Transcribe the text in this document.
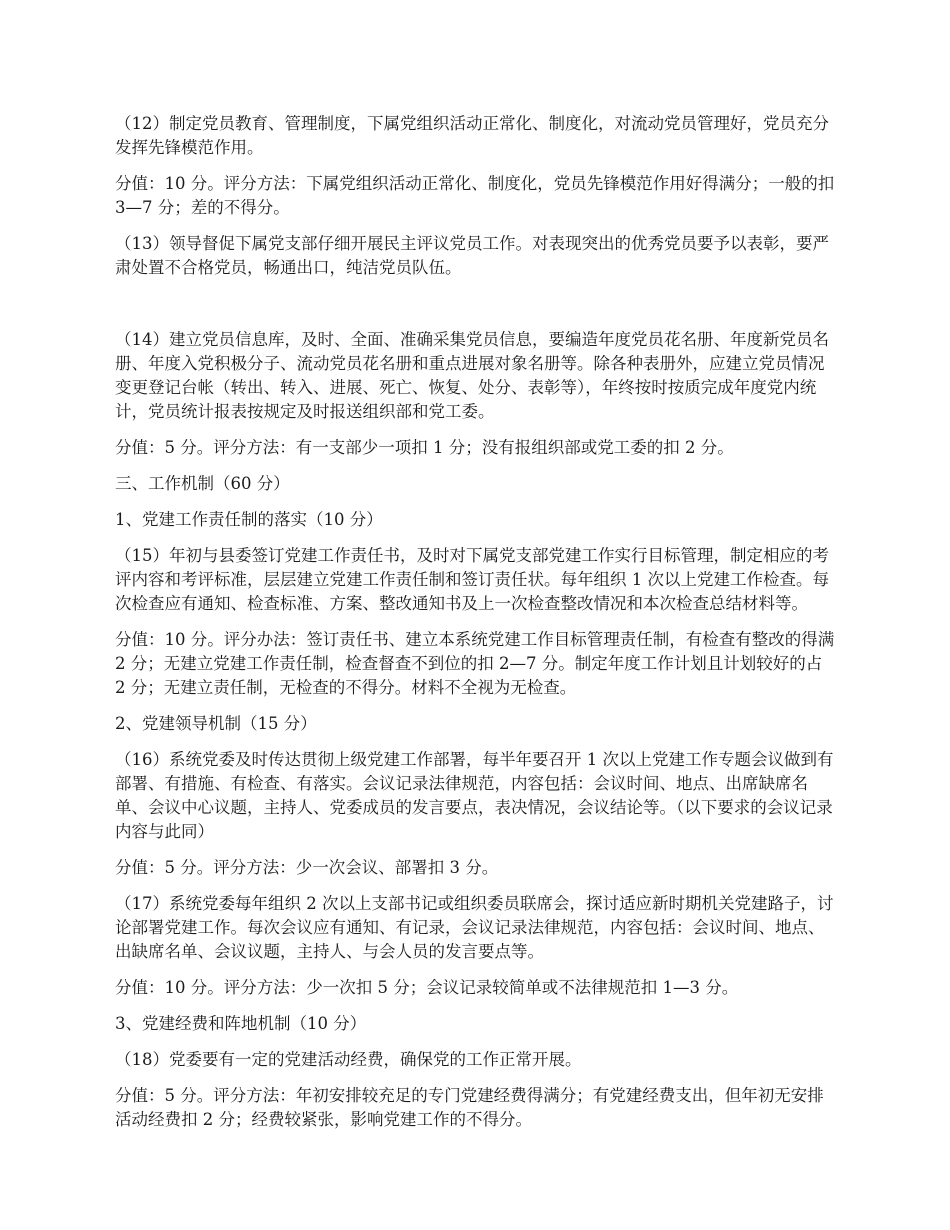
（12）制定党员教育、管理制度，下属党组织活动正常化、制度化，对流动党员管理好，党员充分发挥先锋模范作用。

分值：10 分。评分方法：下属党组织活动正常化、制度化，党员先锋模范作用好得满分；一般的扣 3—7 分；差的不得分。

（13）领导督促下属党支部仔细开展民主评议党员工作。对表现突出的优秀党员要予以表彰，要严肃处置不合格党员，畅通出口，纯洁党员队伍。

（14）建立党员信息库，及时、全面、准确采集党员信息，要编造年度党员花名册、年度新党员名册、年度入党积极分子、流动党员花名册和重点进展对象名册等。除各种表册外，应建立党员情况变更登记台帐（转出、转入、进展、死亡、恢复、处分、表彰等），年终按时按质完成年度党内统计，党员统计报表按规定及时报送组织部和党工委。

分值：5 分。评分方法：有一支部少一项扣 1 分；没有报组织部或党工委的扣 2 分。

三、工作机制（60 分）

1、党建工作责任制的落实（10 分）

（15）年初与县委签订党建工作责任书，及时对下属党支部党建工作实行目标管理，制定相应的考评内容和考评标准，层层建立党建工作责任制和签订责任状。每年组织 1 次以上党建工作检查。每次检查应有通知、检查标准、方案、整改通知书及上一次检查整改情况和本次检查总结材料等。

分值：10 分。评分办法：签订责任书、建立本系统党建工作目标管理责任制，有检查有整改的得满 2 分；无建立党建工作责任制，检查督查不到位的扣 2—7 分。制定年度工作计划且计划较好的占 2 分；无建立责任制，无检查的不得分。材料不全视为无检查。

2、党建领导机制（15 分）

（16）系统党委及时传达贯彻上级党建工作部署，每半年要召开 1 次以上党建工作专题会议做到有部署、有措施、有检查、有落实。会议记录法律规范，内容包括：会议时间、地点、出席缺席名单、会议中心议题，主持人、党委成员的发言要点，表决情况，会议结论等。（以下要求的会议记录内容与此同）

分值：5 分。评分方法：少一次会议、部署扣 3 分。

（17）系统党委每年组织 2 次以上支部书记或组织委员联席会，探讨适应新时期机关党建路子，讨论部署党建工作。每次会议应有通知、有记录，会议记录法律规范，内容包括：会议时间、地点、出缺席名单、会议议题，主持人、与会人员的发言要点等。

分值：10 分。评分方法：少一次扣 5 分；会议记录较简单或不法律规范扣 1—3 分。

3、党建经费和阵地机制（10 分）

（18）党委要有一定的党建活动经费，确保党的工作正常开展。

分值：5 分。评分方法：年初安排较充足的专门党建经费得满分；有党建经费支出，但年初无安排活动经费扣 2 分；经费较紧张，影响党建工作的不得分。
